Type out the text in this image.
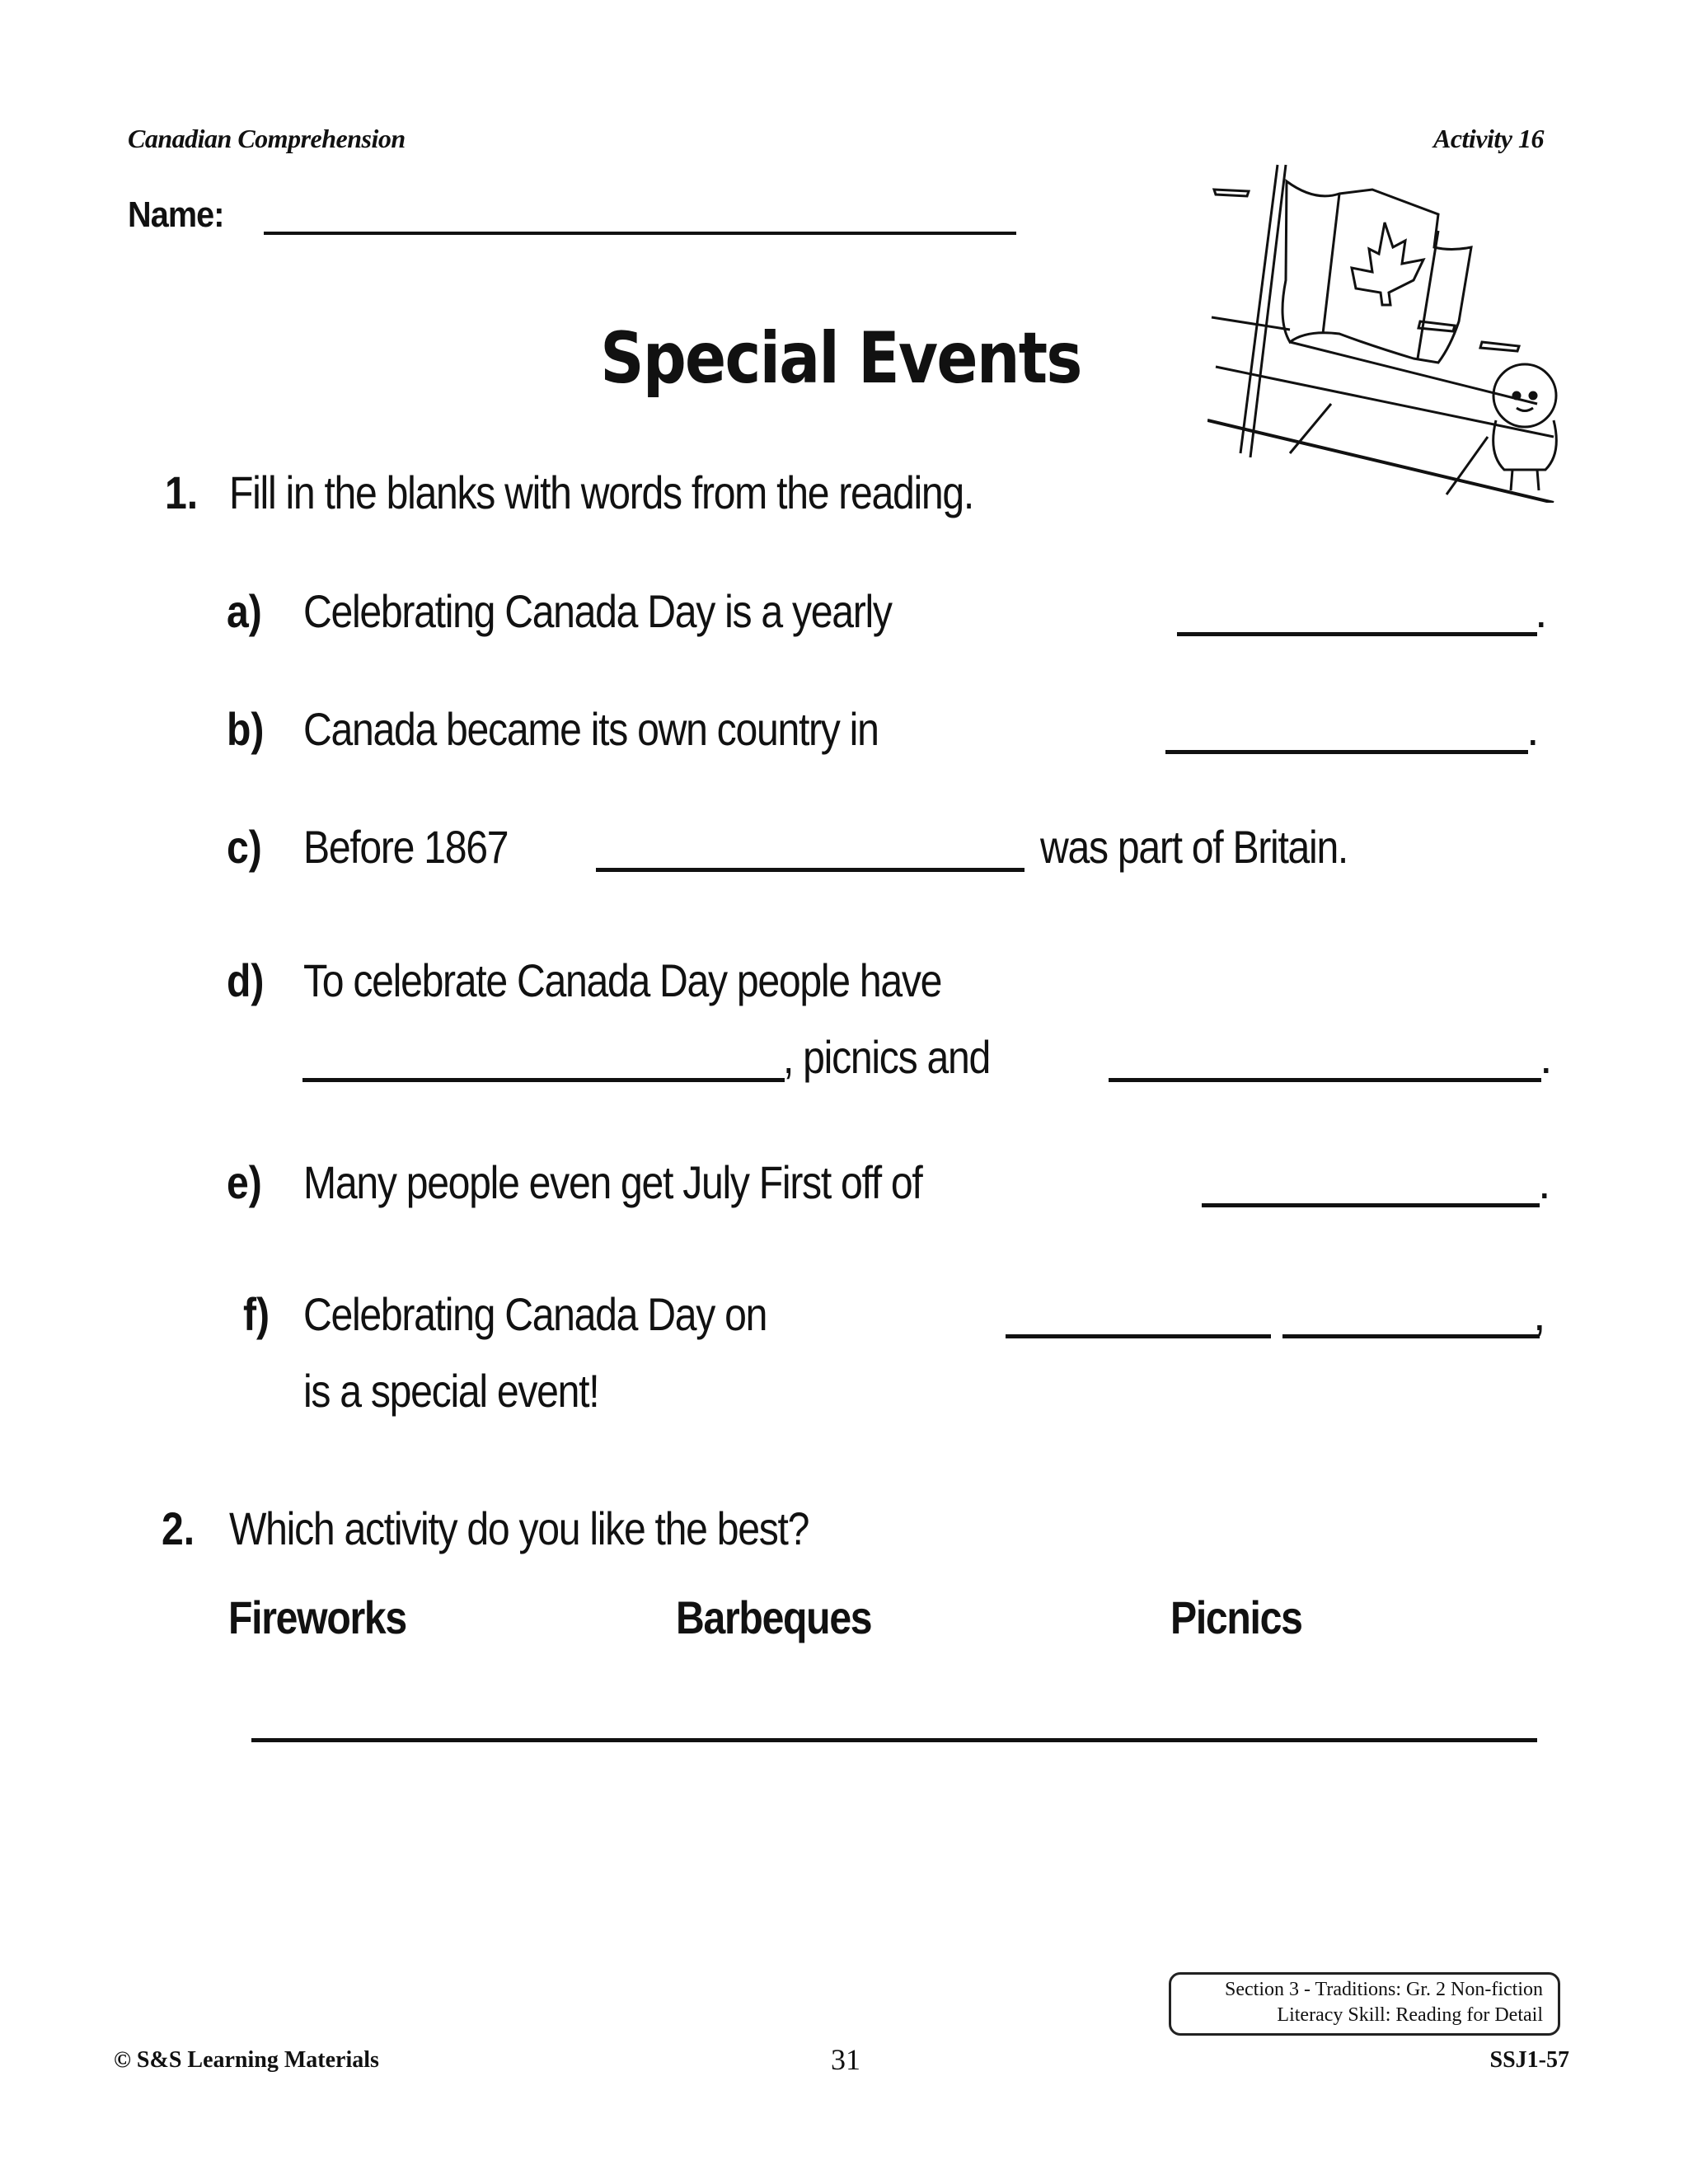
Canadian Comprehension	Activity 16
Name:
Special Events
1. Fill in the blanks with words from the reading.
a) Celebrating Canada Day is a yearly	.
b) Canada became its own country in	.
c) Before 1867	was part of Britain.
d) To celebrate Canada Day people have
, picnics and	.
e) Many people even get July First off of	.
f) Celebrating Canada Day on	,
is a special event!
2. Which activity do you like the best?
Fireworks	Barbeques	Picnics
Section 3 - Traditions: Gr. 2 Non-fiction
Literacy Skill: Reading for Detail
© S&S Learning Materials	31	SSJ1-57
